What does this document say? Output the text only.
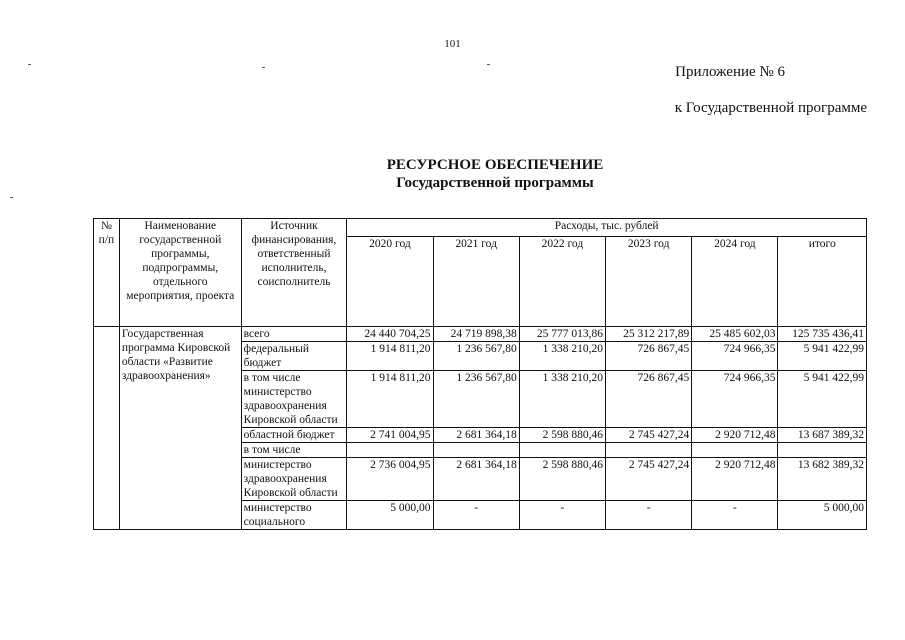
101
Приложение № 6
к Государственной программе
РЕСУРСНОЕ ОБЕСПЕЧЕНИЕ
Государственной программы
№ п/п	Наименование государственной программы, подпрограммы, отдельного мероприятия, проекта	Источник финансирования, ответственный исполнитель, соисполнитель	Расходы, тыс. рублей					
			2020 год	2021 год	2022 год	2023 год	2024 год	итого
	Государственная программа Кировской области «Развитие здравоохранения»	всего	24 440 704,25	24 719 898,38	25 777 013,86	25 312 217,89	25 485 602,03	125 735 436,41
		федеральный бюджет	1 914 811,20	1 236 567,80	1 338 210,20	726 867,45	724 966,35	5 941 422,99
		в том числе министерство здравоохранения Кировской области	1 914 811,20	1 236 567,80	1 338 210,20	726 867,45	724 966,35	5 941 422,99
		областной бюджет	2 741 004,95	2 681 364,18	2 598 880,46	2 745 427,24	2 920 712,48	13 687 389,32
		в том числе						
		министерство здравоохранения Кировской области	2 736 004,95	2 681 364,18	2 598 880,46	2 745 427,24	2 920 712,48	13 682 389,32
		министерство социального	5 000,00	-	-	-	-	5 000,00
